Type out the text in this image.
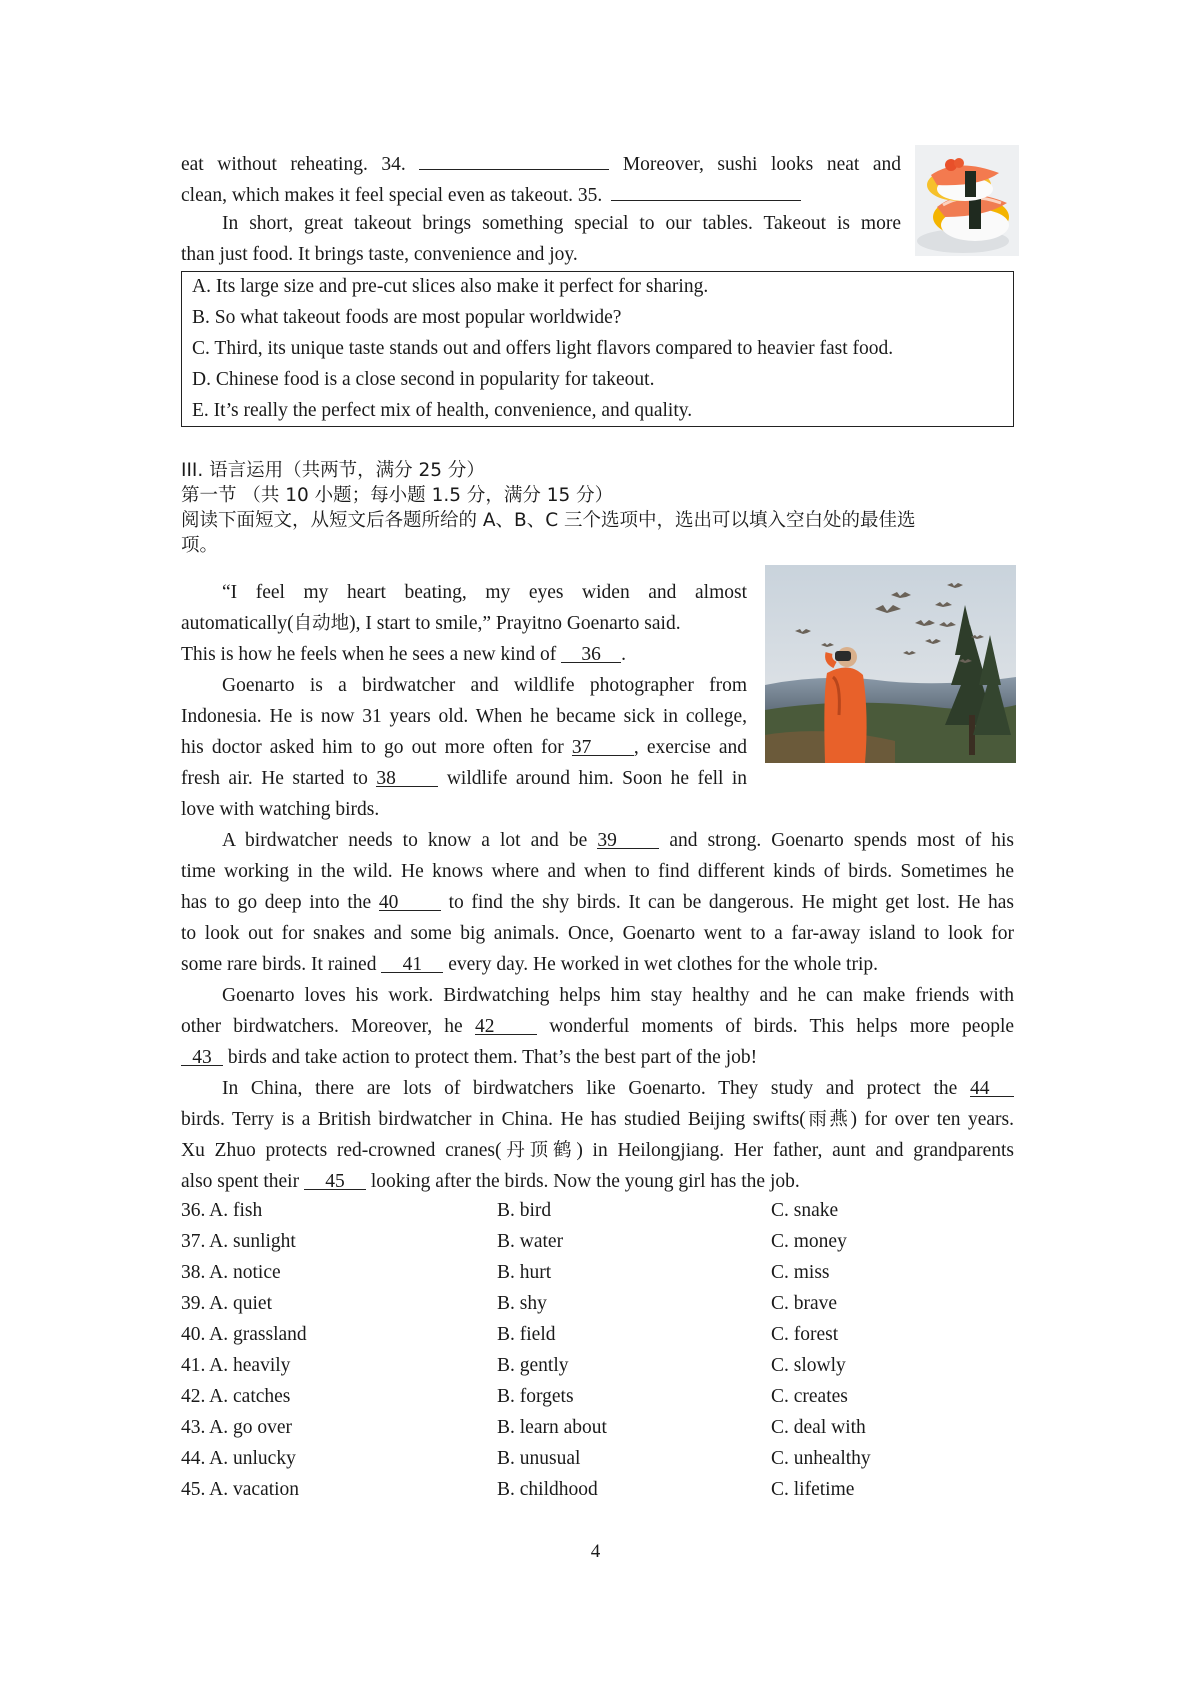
eat without reheating. 34.	Moreover, sushi looks neat and
clean, which makes it feel special even as takeout. 35.
In short, great takeout brings something special to our tables. Takeout is more
than just food. It brings taste, convenience and joy.
A. Its large size and pre-cut slices also make it perfect for sharing.
B. So what takeout foods are most popular worldwide?
C. Third, its unique taste stands out and offers light flavors compared to heavier fast food.
D. Chinese food is a close second in popularity for takeout.
E. It’s really the perfect mix of health, convenience, and quality.
III. 语言运用（共两节，满分 25 分）
第一节 （共 10 小题；每小题 1.5 分，满分 15 分）
阅读下面短文，从短文后各题所给的 A、B、C 三个选项中，选出可以填入空白处的最佳选
项。
“I feel my heart beating, my eyes widen and almost
automatically(自动地), I start to smile,” Prayitno Goenarto said.
This is how he feels when he sees a new kind of 36 .
Goenarto is a birdwatcher and wildlife photographer from
Indonesia. He is now 31 years old. When he became sick in college,
his doctor asked him to go out more often for 37 , exercise and
fresh air. He started to 38	wildlife around him. Soon he fell in
love with watching birds.
A birdwatcher needs to know a lot and be 39	and strong. Goenarto spends most of his
time working in the wild. He knows where and when to find different kinds of birds. Sometimes he
has to go deep into the 40	to find the shy birds. It can be dangerous. He might get lost. He has
to look out for snakes and some big animals. Once, Goenarto went to a far-away island to look for
some rare birds. It rained 41 every day. He worked in wet clothes for the whole trip.
Goenarto loves his work. Birdwatching helps him stay healthy and he can make friends with
other birdwatchers. Moreover, he 42	wonderful moments of birds. This helps more people
43 birds and take action to protect them. That’s the best part of the job!
In China, there are lots of birdwatchers like Goenarto. They study and protect the 44
birds. Terry is a British birdwatcher in China. He has studied Beijing swifts(雨燕) for over ten years.
Xu Zhuo protects red-crowned cranes(丹顶鹤) in Heilongjiang. Her father, aunt and grandparents
also spent their 45 looking after the birds. Now the young girl has the job.
36. A. fish	B. bird	C. snake
37. A. sunlight	B. water	C. money
38. A. notice	B. hurt	C. miss
39. A. quiet	B. shy	C. brave
40. A. grassland	B. field	C. forest
41. A. heavily	B. gently	C. slowly
42. A. catches	B. forgets	C. creates
43. A. go over	B. learn about	C. deal with
44. A. unlucky	B. unusual	C. unhealthy
45. A. vacation	B. childhood	C. lifetime
4
